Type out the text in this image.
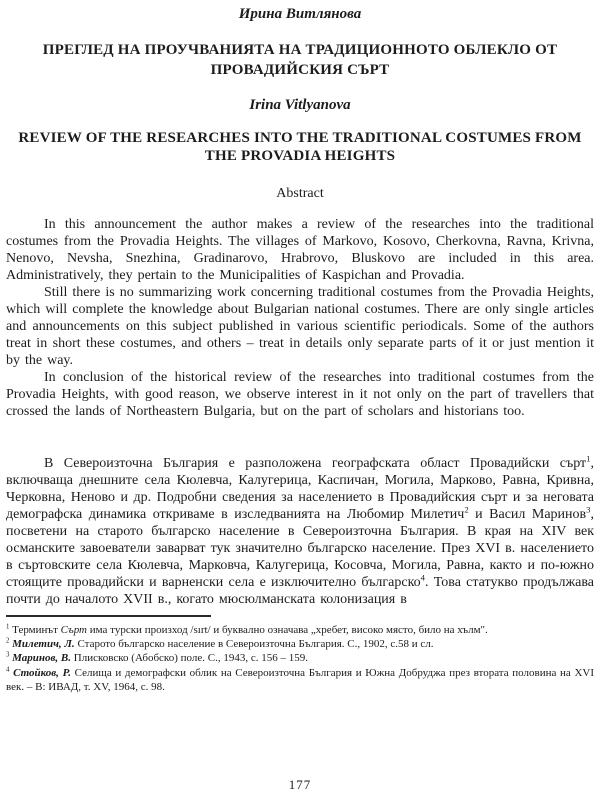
Ирина Витлянова
ПРЕГЛЕД НА ПРОУЧВАНИЯТА НА ТРАДИЦИОННОТО ОБЛЕКЛО ОТ ПРОВАДИЙСКИЯ СЪРТ
Irina Vitlyanova
REVIEW OF THE RESEARCHES INTO THE TRADITIONAL COSTUMES FROM THE PROVADIA HEIGHTS
Abstract

In this announcement the author makes a review of the researches into the traditional costumes from the Provadia Heights. The villages of Markovo, Kosovo, Cherkovna, Ravna, Krivna, Nenovo, Nevsha, Snezhina, Gradinarovo, Hrabrovo, Bluskovo are included in this area. Administratively, they pertain to the Municipalities of Kaspichan and Provadia.

Still there is no summarizing work concerning traditional costumes from the Provadia Heights, which will complete the knowledge about Bulgarian national costumes. There are only single articles and announcements on this subject published in various scientific periodicals. Some of the authors treat in short these costumes, and others – treat in details only separate parts of it or just mention it by the way.

In conclusion of the historical review of the researches into traditional costumes from the Provadia Heights, with good reason, we observe interest in it not only on the part of travellers that crossed the lands of Northeastern Bulgaria, but on the part of scholars and historians too.

В Североизточна България е разположена географската област Провадийски сърт$^1$, включваща днешните села Кюлевча, Калугерица, Каспичан, Могила, Марково, Равна, Кривна, Черковна, Неново и др. Подробни сведения за населението в Провадийския сърт и за неговата демографска динамика откриваме в изследванията на Любомир Милетич$^2$ и Васил Маринов$^3$, посветени на старото българско население в Североизточна България. В края на XIV век османските завоеватели заварват тук значително българско население. През XVI в. населението в съртовските села Кюлевча, Марковча, Калугерица, Косовча, Могила, Равна, както и по-южно стоящите провадийски и варненски села е изключително българско$^4$. Това статукво продължава почти до началото XVII в., когато мюсюлманската колонизация в

$^1$ Терминът Сърт има турски произход /sırt/ и буквално означава „хребет, високо място, било на хълм".

$^2$ Милетич, Л. Старото българско население в Североизточна България. С., 1902, с.58 и сл.

$^3$ Маринов, В. Плисковско (Абобско) поле. С., 1943, с. 156 – 159.

$^4$ Стойков, Р. Селища и демографски облик на Североизточна България и Южна Добруджа през втората половина на XVI век. – В: ИВАД, т. XV, 1964, с. 98.

177
